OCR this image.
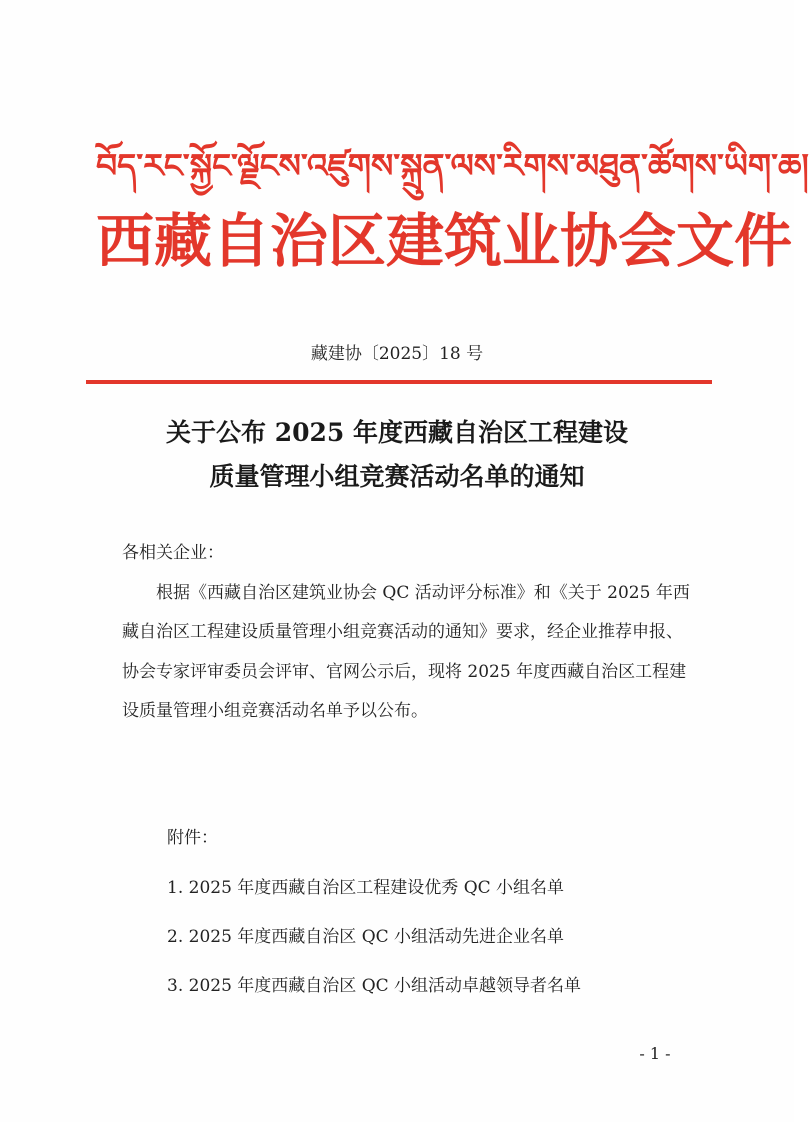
བོད་རང་སྐྱོང་ལྗོངས་འཛུགས་སྐྲུན་ལས་རིགས་མཐུན་ཚོགས་ཡིག་ཆ།
西藏自治区建筑业协会文件
藏建协〔2025〕18 号
关于公布 2025 年度西藏自治区工程建设
质量管理小组竞赛活动名单的通知

各相关企业：

根据《西藏自治区建筑业协会 QC 活动评分标准》和《关于 2025 年西藏自治区工程建设质量管理小组竞赛活动的通知》要求，经企业推荐申报、协会专家评审委员会评审、官网公示后，现将 2025 年度西藏自治区工程建设质量管理小组竞赛活动名单予以公布。

附件：

1. 2025 年度西藏自治区工程建设优秀 QC 小组名单

2. 2025 年度西藏自治区 QC 小组活动先进企业名单

3. 2025 年度西藏自治区 QC 小组活动卓越领导者名单

- 1 -
